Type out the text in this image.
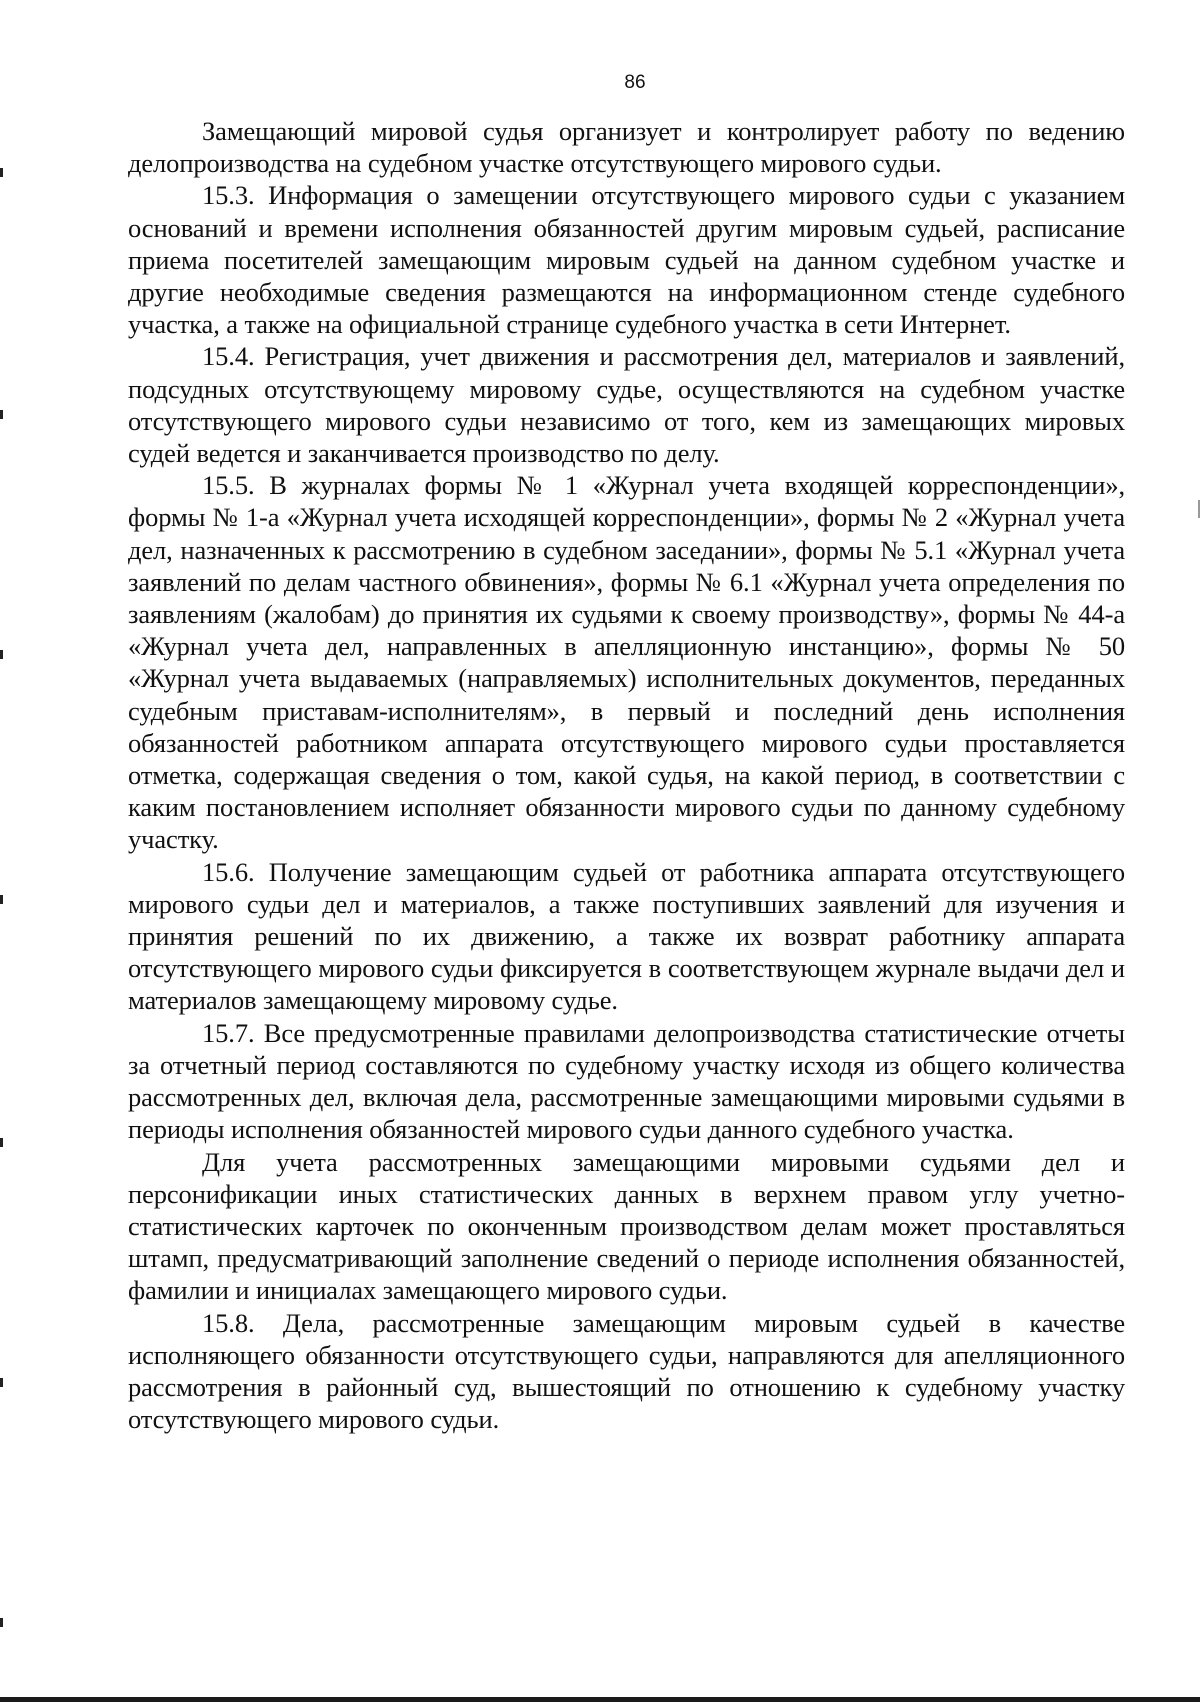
86

Замещающий мировой судья организует и контролирует работу по ведению делопроизводства на судебном участке отсутствующего мирового судьи.

15.3. Информация о замещении отсутствующего мирового судьи с указанием оснований и времени исполнения обязанностей другим мировым судьей, расписание приема посетителей замещающим мировым судьей на данном судебном участке и другие необходимые сведения размещаются на информационном стенде судебного участка, а также на официальной странице судебного участка в сети Интернет.

15.4. Регистрация, учет движения и рассмотрения дел, материалов и заявлений, подсудных отсутствующему мировому судье, осуществляются на судебном участке отсутствующего мирового судьи независимо от того, кем из замещающих мировых судей ведется и заканчивается производство по делу.

15.5. В журналах формы № 1 «Журнал учета входящей корреспонденции», формы № 1-а «Журнал учета исходящей корреспонденции», формы № 2 «Журнал учета дел, назначенных к рассмотрению в судебном заседании», формы № 5.1 «Журнал учета заявлений по делам частного обвинения», формы № 6.1 «Журнал учета определения по заявлениям (жалобам) до принятия их судьями к своему производству», формы № 44-а «Журнал учета дел, направленных в апелляционную инстанцию», формы № 50 «Журнал учета выдаваемых (направляемых) исполнительных документов, переданных судебным приставам-исполнителям», в первый и последний день исполнения обязанностей работником аппарата отсутствующего мирового судьи проставляется отметка, содержащая сведения о том, какой судья, на какой период, в соответствии с каким постановлением исполняет обязанности мирового судьи по данному судебному участку.

15.6. Получение замещающим судьей от работника аппарата отсутствующего мирового судьи дел и материалов, а также поступивших заявлений для изучения и принятия решений по их движению, а также их возврат работнику аппарата отсутствующего мирового судьи фиксируется в соответствующем журнале выдачи дел и материалов замещающему мировому судье.

15.7. Все предусмотренные правилами делопроизводства статистические отчеты за отчетный период составляются по судебному участку исходя из общего количества рассмотренных дел, включая дела, рассмотренные замещающими мировыми судьями в периоды исполнения обязанностей мирового судьи данного судебного участка.

Для учета рассмотренных замещающими мировыми судьями дел и персонификации иных статистических данных в верхнем правом углу учетно-статистических карточек по оконченным производством делам может проставляться штамп, предусматривающий заполнение сведений о периоде исполнения обязанностей, фамилии и инициалах замещающего мирового судьи.

15.8. Дела, рассмотренные замещающим мировым судьей в качестве исполняющего обязанности отсутствующего судьи, направляются для апелляционного рассмотрения в районный суд, вышестоящий по отношению к судебному участку отсутствующего мирового судьи.
